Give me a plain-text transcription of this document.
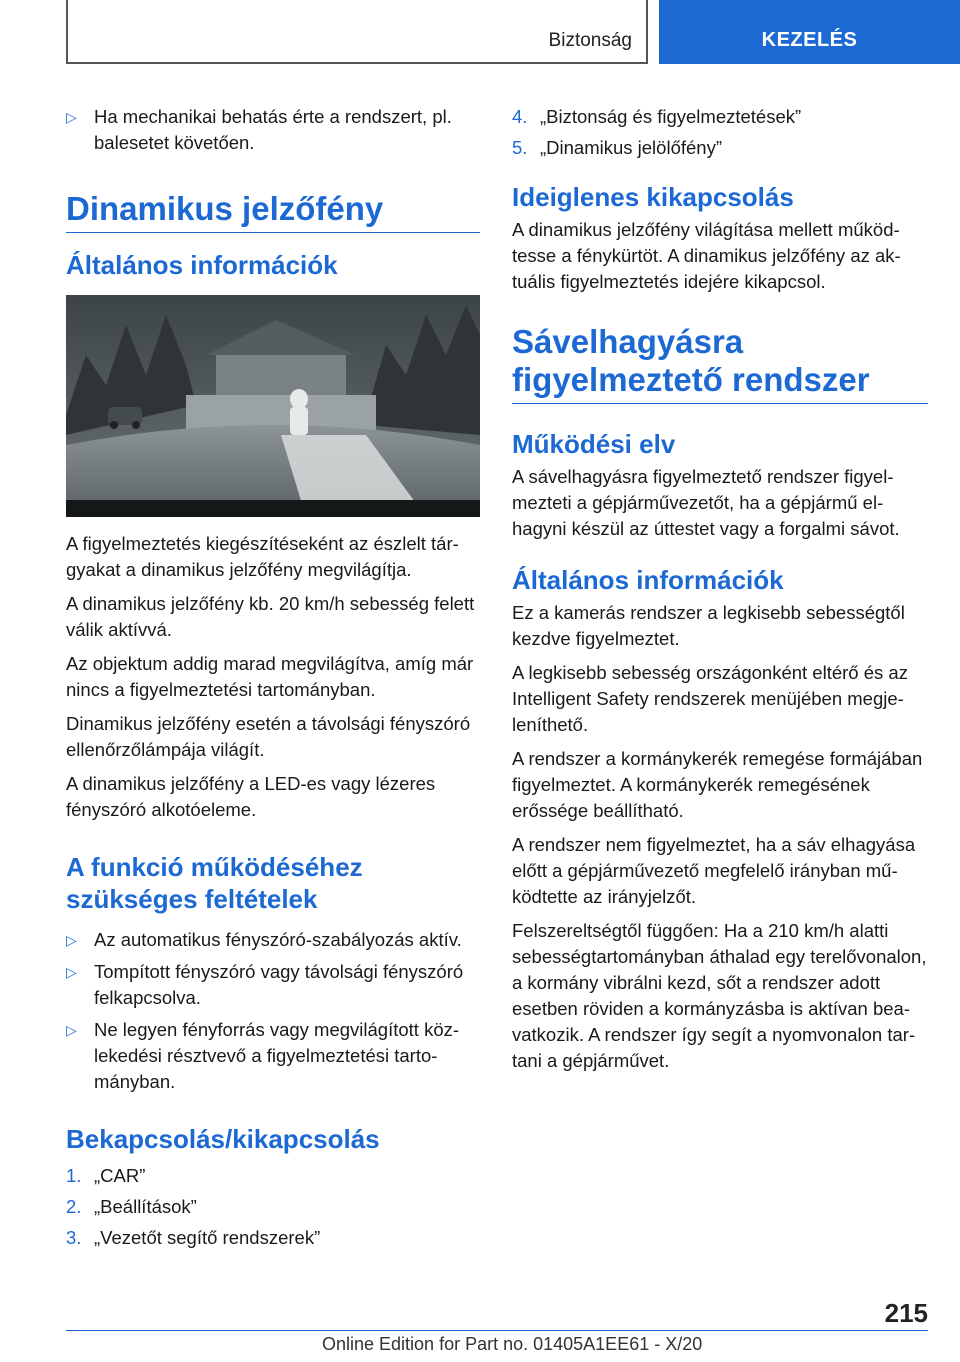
Biztonság	KEZELÉS
▷ Ha mechanikai behatás érte a rendszert, pl. balesetet követően.
Dinamikus jelzőfény
Általános információk

A figyelmeztetés kiegészítéseként az észlelt tárgyakat a dinamikus jelzőfény megvilágítja.

A dinamikus jelzőfény kb. 20 km/h sebesség felett válik aktívvá.

Az objektum addig marad megvilágítva, amíg már nincs a figyelmeztetési tartományban.

Dinamikus jelzőfény esetén a távolsági fényszóró ellenőrzőlámpája világít.

A dinamikus jelzőfény a LED-es vagy lézeres fényszóró alkotóeleme.

A funkció működéséhez szükséges feltételek
▷ Az automatikus fényszóró-szabályozás aktív.
▷ Tompított fényszóró vagy távolsági fényszóró felkapcsolva.
▷ Ne legyen fényforrás vagy megvilágított közlekedési résztvevő a figyelmeztetési tartományban.
Bekapcsolás/kikapcsolás
1. „CAR”
2. „Beállítások”
3. „Vezetőt segítő rendszerek”
4. „Biztonság és figyelmeztetések”
5. „Dinamikus jelölőfény”
Ideiglenes kikapcsolás

A dinamikus jelzőfény világítása mellett működtesse a fénykürtöt. A dinamikus jelzőfény az aktuális figyelmeztetés idejére kikapcsol.

Sávelhagyásra figyelmeztető rendszer
Működési elv

A sávelhagyásra figyelmeztető rendszer figyelmezteti a gépjárművezetőt, ha a gépjármű elhagyni készül az úttestet vagy a forgalmi sávot.

Általános információk

Ez a kamerás rendszer a legkisebb sebességtől kezdve figyelmeztet.

A legkisebb sebesség országonként eltérő és az Intelligent Safety rendszerek menüjében megjeleníthető.

A rendszer a kormánykerék remegése formájában figyelmeztet. A kormánykerék remegésének erőssége beállítható.

A rendszer nem figyelmeztet, ha a sáv elhagyása előtt a gépjárművezető megfelelő irányban működtette az irányjelzőt.

Felszereltségtől függően: Ha a 210 km/h alatti sebességtartományban áthalad egy terelővonalon, a kormány vibrálni kezd, sőt a rendszer adott esetben röviden a kormányzásba is aktívan beavatkozik. A rendszer így segít a nyomvonalon tartani a gépjárművet.

215
Online Edition for Part no. 01405A1EE61 - X/20
